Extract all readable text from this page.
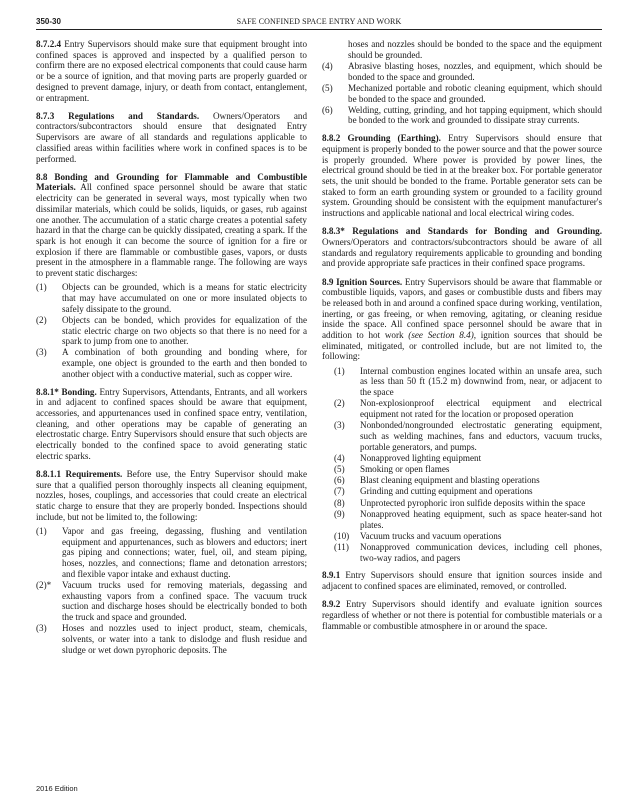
350-30	SAFE CONFINED SPACE ENTRY AND WORK

8.7.2.4 Entry Supervisors should make sure that equipment brought into confined spaces is approved and inspected by a qualified person to confirm there are no exposed electrical components that could cause harm or be a source of ignition, and that moving parts are properly guarded or designed to prevent damage, injury, or death from contact, entanglement, or entrapment.

8.7.3 Regulations and Standards. Owners/Operators and contractors/subcontractors should ensure that designated Entry Supervisors are aware of all standards and regulations applicable to classified areas within facilities where work in confined spaces is to be performed.

8.8 Bonding and Grounding for Flammable and Combustible Materials. All confined space personnel should be aware that static electricity can be generated in several ways, most typically when two dissimilar materials, which could be solids, liquids, or gases, rub against one another. The accumulation of a static charge creates a potential safety hazard in that the charge can be quickly dissipated, creating a spark. If the spark is hot enough it can become the source of ignition for a fire or explosion if there are flammable or combustible gases, vapors, or dusts present in the atmosphere in a flammable range. The following are ways to prevent static discharges:

(1)	Objects can be grounded, which is a means for static electricity that may have accumulated on one or more insulated objects to safely dissipate to the ground.
(2)	Objects can be bonded, which provides for equalization of the static electric charge on two objects so that there is no need for a spark to jump from one to another.
(3)	A combination of both grounding and bonding where, for example, one object is grounded to the earth and then bonded to another object with a conductive material, such as copper wire.

8.8.1* Bonding. Entry Supervisors, Attendants, Entrants, and all workers in and adjacent to confined spaces should be aware that equipment, accessories, and appurtenances used in confined space entry, ventilation, cleaning, and other operations may be capable of generating an electrostatic charge. Entry Supervisors should ensure that such objects are electrically bonded to the confined space to avoid generating static electric sparks.

8.8.1.1 Requirements. Before use, the Entry Supervisor should make sure that a qualified person thoroughly inspects all cleaning equipment, nozzles, hoses, couplings, and accessories that could create an electrical static charge to ensure that they are properly bonded. Inspections should include, but not be limited to, the following:

(1)	Vapor and gas freeing, degassing, flushing and ventilation equipment and appurtenances, such as blowers and eductors; inert gas piping and connections; water, fuel, oil, and steam piping, hoses, nozzles, and connections; flame and detonation arrestors; and flexible vapor intake and exhaust ducting.
(2)*	Vacuum trucks used for removing materials, degassing and exhausting vapors from a confined space. The vacuum truck suction and discharge hoses should be electrically bonded to both the truck and space and grounded.
(3)	Hoses and nozzles used to inject product, steam, chemicals, solvents, or water into a tank to dislodge and flush residue and sludge or wet down pyrophoric deposits. The

hoses and nozzles should be bonded to the space and the equipment should be grounded.

(4)	Abrasive blasting hoses, nozzles, and equipment, which should be bonded to the space and grounded.
(5)	Mechanized portable and robotic cleaning equipment, which should be bonded to the space and grounded.
(6)	Welding, cutting, grinding, and hot tapping equipment, which should be bonded to the work and grounded to dissipate stray currents.

8.8.2 Grounding (Earthing). Entry Supervisors should ensure that equipment is properly bonded to the power source and that the power source is properly grounded. Where power is provided by power lines, the electrical ground should be tied in at the breaker box. For portable generator sets, the unit should be bonded to the frame. Portable generator sets can be staked to form an earth grounding system or grounded to a facility ground system. Grounding should be consistent with the equipment manufacturer's instructions and applicable national and local electrical wiring codes.

8.8.3* Regulations and Standards for Bonding and Grounding. Owners/Operators and contractors/subcontractors should be aware of all standards and regulatory requirements applicable to grounding and bonding and provide appropriate safe practices in their confined space programs.

8.9 Ignition Sources. Entry Supervisors should be aware that flammable or combustible liquids, vapors, and gases or combustible dusts and fibers may be released both in and around a confined space during working, ventilation, inerting, or gas freeing, or when removing, agitating, or cleaning residue inside the space. All confined space personnel should be aware that in addition to hot work (see Section 8.4), ignition sources that should be eliminated, mitigated, or controlled include, but are not limited to, the following:

(1)	Internal combustion engines located within an unsafe area, such as less than 50 ft (15.2 m) downwind from, near, or adjacent to the space
(2)	Non-explosionproof electrical equipment and electrical equipment not rated for the location or proposed operation
(3)	Nonbonded/nongrounded electrostatic generating equipment, such as welding machines, fans and eductors, vacuum trucks, portable generators, and pumps.
(4)	Nonapproved lighting equipment
(5)	Smoking or open flames
(6)	Blast cleaning equipment and blasting operations
(7)	Grinding and cutting equipment and operations
(8)	Unprotected pyrophoric iron sulfide deposits within the space
(9)	Nonapproved heating equipment, such as space heater-sand hot plates.
(10)	Vacuum trucks and vacuum operations
(11)	Nonapproved communication devices, including cell phones, two-way radios, and pagers

8.9.1 Entry Supervisors should ensure that ignition sources inside and adjacent to confined spaces are eliminated, removed, or controlled.

8.9.2 Entry Supervisors should identify and evaluate ignition sources regardless of whether or not there is potential for combustible materials or a flammable or combustible atmosphere in or around the space.

2016 Edition
